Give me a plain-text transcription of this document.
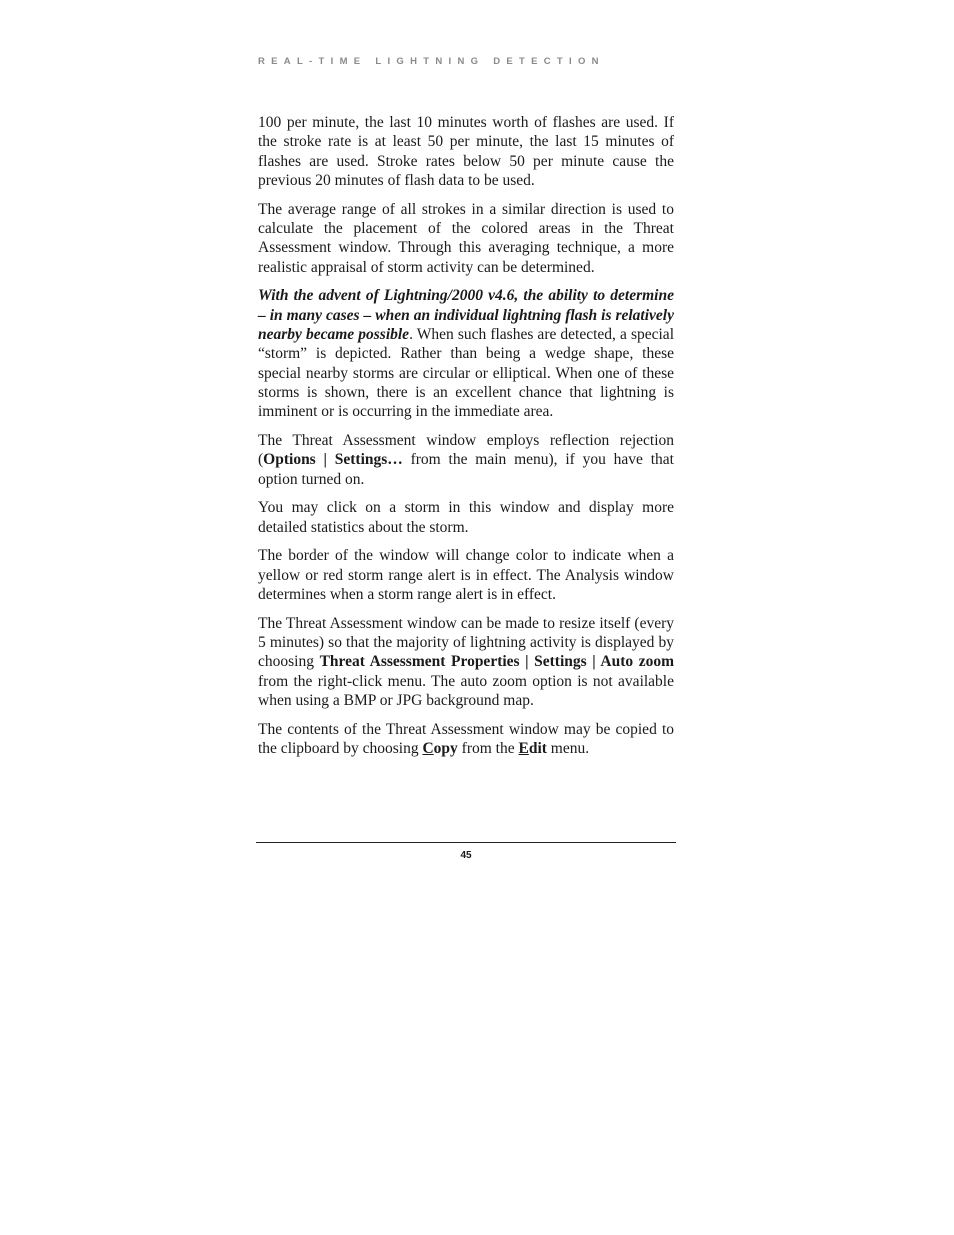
REAL-TIME LIGHTNING DETECTION

100 per minute, the last 10 minutes worth of flashes are used. If the stroke rate is at least 50 per minute, the last 15 minutes of flashes are used. Stroke rates below 50 per minute cause the previous 20 minutes of flash data to be used.

The average range of all strokes in a similar direction is used to calculate the placement of the colored areas in the Threat Assessment window. Through this averaging technique, a more realistic appraisal of storm activity can be determined.

With the advent of Lightning/2000 v4.6, the ability to determine – in many cases – when an individual lightning flash is relatively nearby became possible. When such flashes are detected, a special “storm” is depicted. Rather than being a wedge shape, these special nearby storms are circular or elliptical. When one of these storms is shown, there is an excellent chance that lightning is imminent or is occurring in the immediate area.

The Threat Assessment window employs reflection rejection (Options | Settings… from the main menu), if you have that option turned on.

You may click on a storm in this window and display more detailed statistics about the storm.

The border of the window will change color to indicate when a yellow or red storm range alert is in effect. The Analysis window determines when a storm range alert is in effect.

The Threat Assessment window can be made to resize itself (every 5 minutes) so that the majority of lightning activity is displayed by choosing Threat Assessment Properties | Settings | Auto zoom from the right-click menu. The auto zoom option is not available when using a BMP or JPG background map.

The contents of the Threat Assessment window may be copied to the clipboard by choosing Copy from the Edit menu.

45
